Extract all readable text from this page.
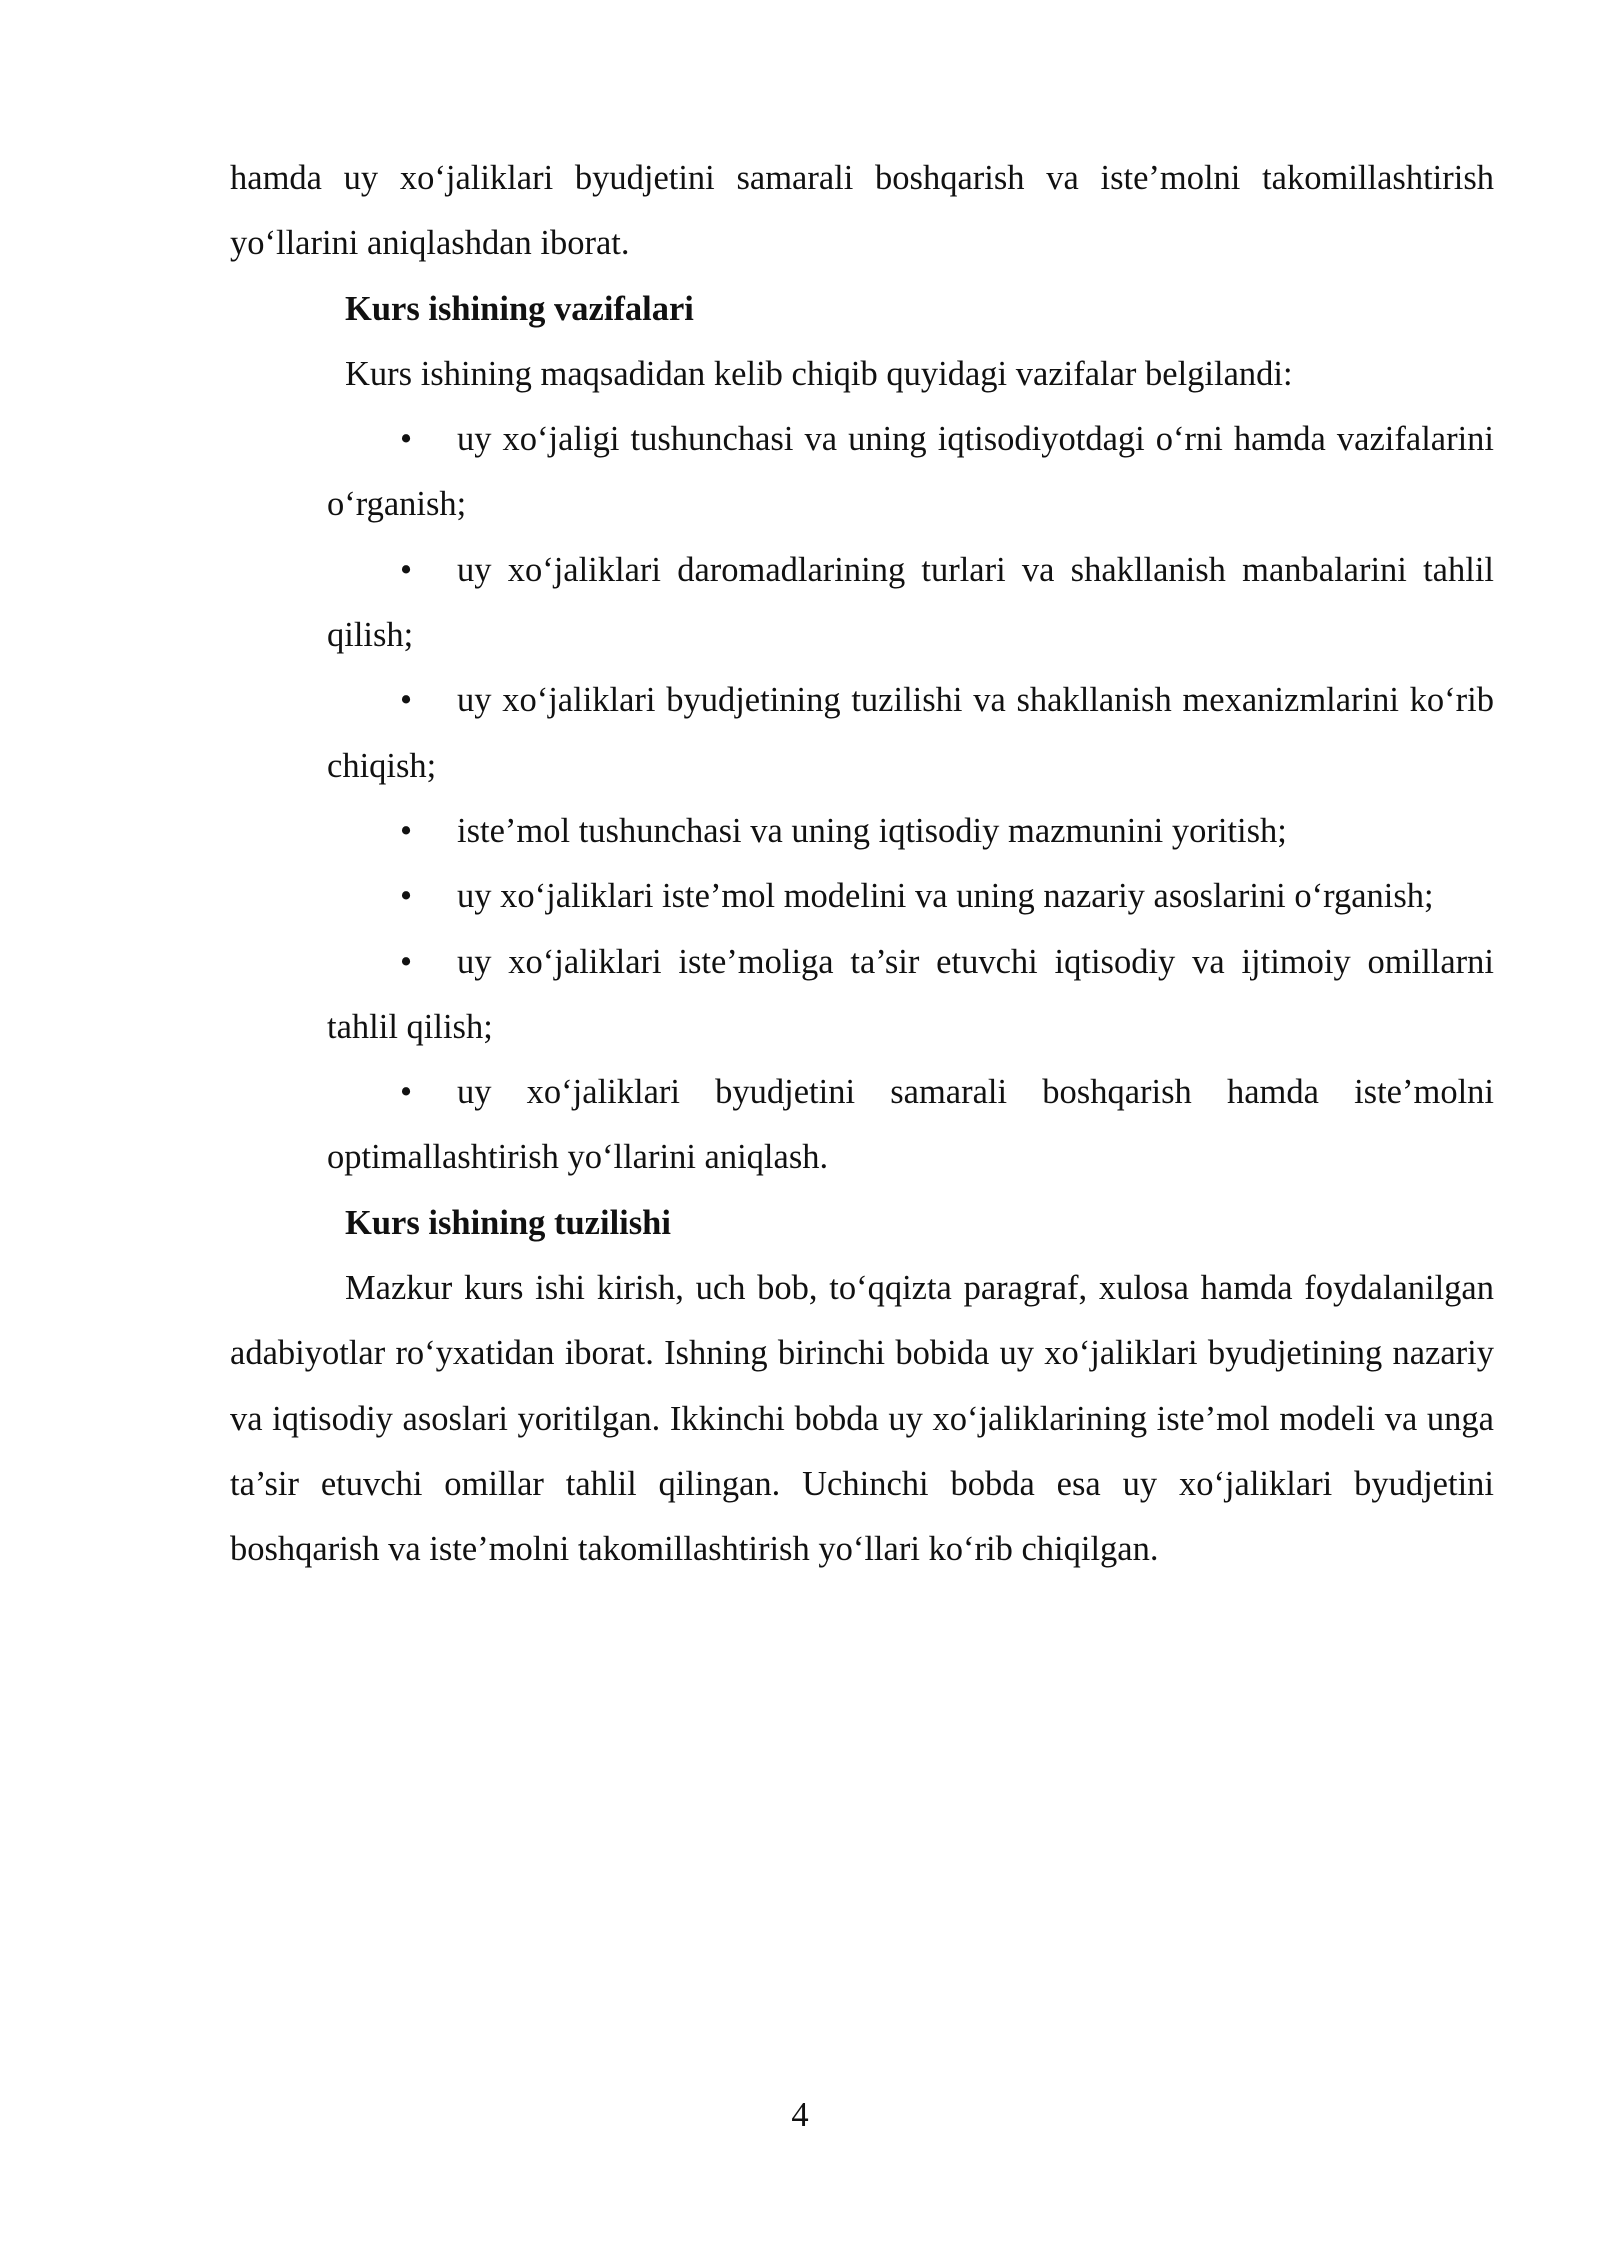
hamda uy xo‘jaliklari byudjetini samarali boshqarish va iste’molni takomillashtirish yo‘llarini aniqlashdan iborat.

Kurs ishining vazifalari

Kurs ishining maqsadidan kelib chiqib quyidagi vazifalar belgilandi:

• uy xo‘jaligi tushunchasi va uning iqtisodiyotdagi o‘rni hamda vazifalarini o‘rganish;

• uy xo‘jaliklari daromadlarining turlari va shakllanish manbalarini tahlil qilish;

• uy xo‘jaliklari byudjetining tuzilishi va shakllanish mexanizmlarini ko‘rib chiqish;

• iste’mol tushunchasi va uning iqtisodiy mazmunini yoritish;

• uy xo‘jaliklari iste’mol modelini va uning nazariy asoslarini o‘rganish;

• uy xo‘jaliklari iste’moliga ta’sir etuvchi iqtisodiy va ijtimoiy omillarni tahlil qilish;

• uy xo‘jaliklari byudjetini samarali boshqarish hamda iste’molni optimallashtirish yo‘llarini aniqlash.

Kurs ishining tuzilishi

Mazkur kurs ishi kirish, uch bob, to‘qqizta paragraf, xulosa hamda foydalanilgan adabiyotlar ro‘yxatidan iborat. Ishning birinchi bobida uy xo‘jaliklari byudjetining nazariy va iqtisodiy asoslari yoritilgan. Ikkinchi bobda uy xo‘jaliklarining iste’mol modeli va unga ta’sir etuvchi omillar tahlil qilingan. Uchinchi bobda esa uy xo‘jaliklari byudjetini boshqarish va iste’molni takomillashtirish yo‘llari ko‘rib chiqilgan.

4
